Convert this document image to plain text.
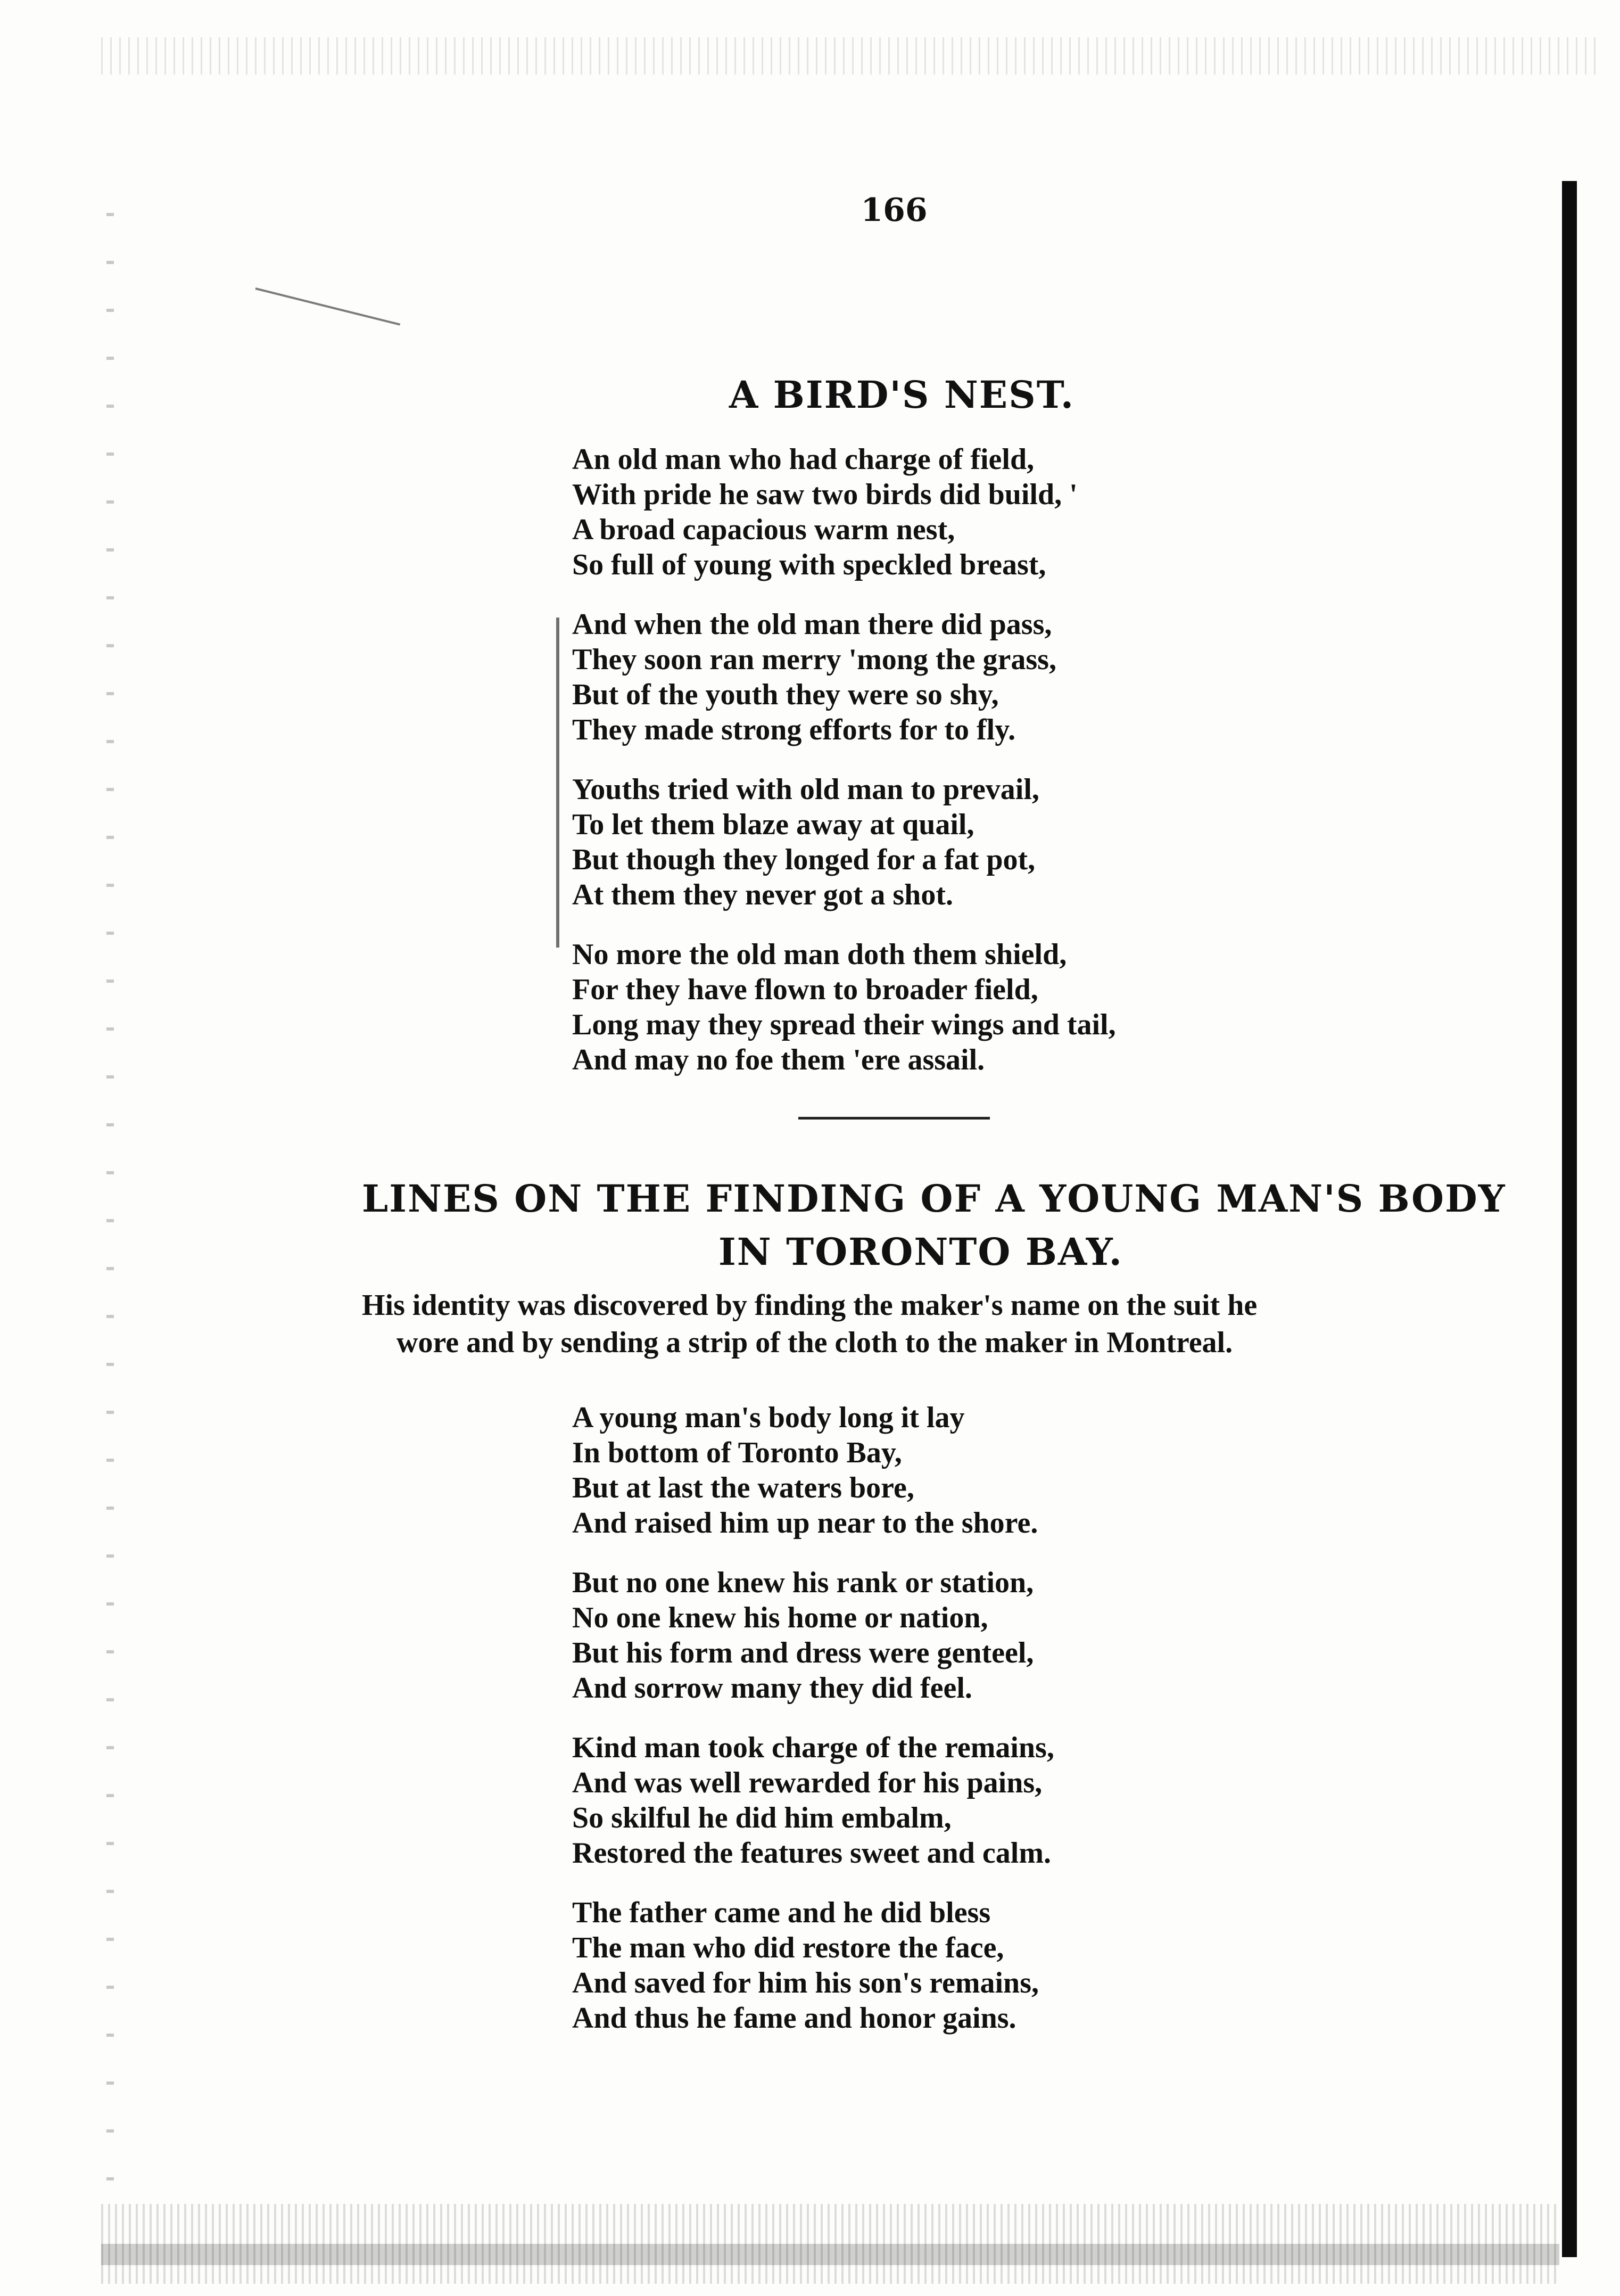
166
A BIRD'S NEST.
An old man who had charge of field,
With pride he saw two birds did build, '
A broad capacious warm nest,
So full of young with speckled breast,
And when the old man there did pass,
They soon ran merry 'mong the grass,
But of the youth they were so shy,
They made strong efforts for to fly.
Youths tried with old man to prevail,
To let them blaze away at quail,
But though they longed for a fat pot,
At them they never got a shot.
No more the old man doth them shield,
For they have flown to broader field,
Long may they spread their wings and tail,
And may no foe them 'ere assail.
LINES ON THE FINDING OF A YOUNG MAN'S BODY
IN TORONTO BAY.
His identity was discovered by finding the maker's name on the suit he
wore and by sending a strip of the cloth to the maker in Montreal.
A young man's body long it lay
In bottom of Toronto Bay,
But at last the waters bore,
And raised him up near to the shore.
But no one knew his rank or station,
No one knew his home or nation,
But his form and dress were genteel,
And sorrow many they did feel.
Kind man took charge of the remains,
And was well rewarded for his pains,
So skilful he did him embalm,
Restored the features sweet and calm.
The father came and he did bless
The man who did restore the face,
And saved for him his son's remains,
And thus he fame and honor gains.
